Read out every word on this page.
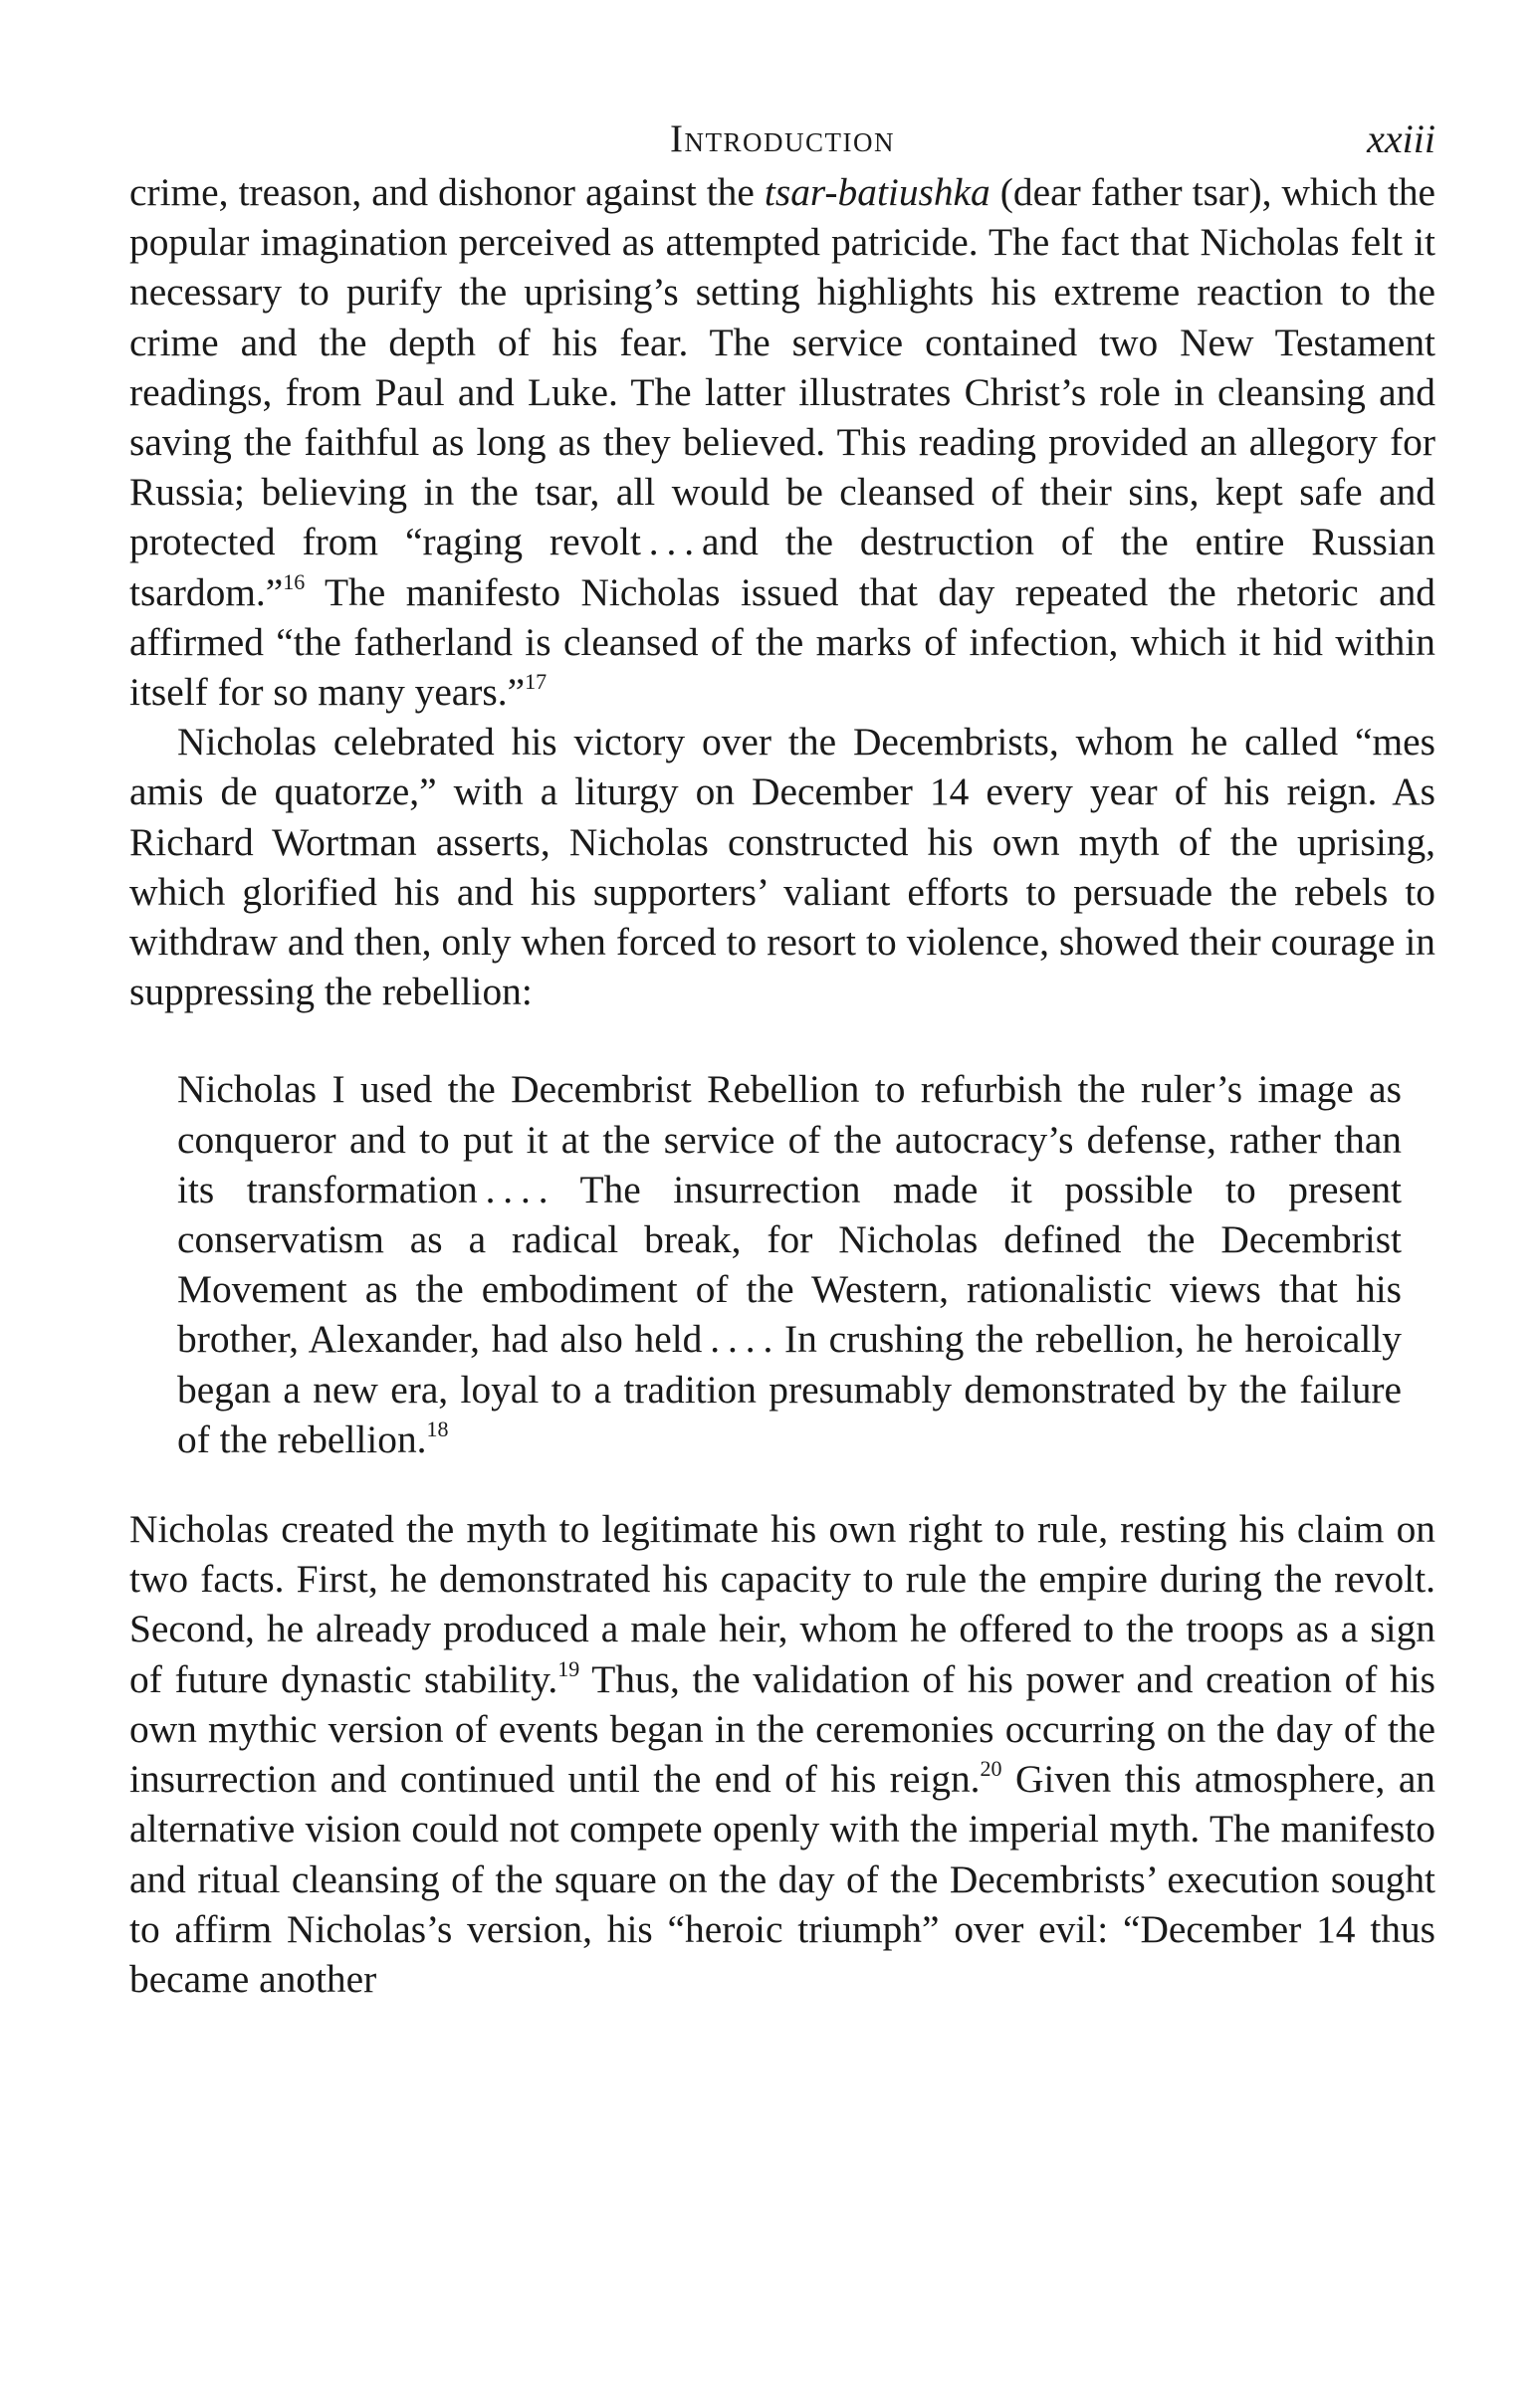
Introduction	xxiii

crime, treason, and dishonor against the tsar-batiushka (dear father tsar), which the popular imagination perceived as attempted patricide. The fact that Nicholas felt it necessary to purify the uprising’s setting highlights his extreme reaction to the crime and the depth of his fear. The service contained two New Testament readings, from Paul and Luke. The latter illustrates Christ’s role in cleansing and saving the faithful as long as they believed. This reading provided an allegory for Russia; believing in the tsar, all would be cleansed of their sins, kept safe and protected from “raging revolt . . . and the destruction of the entire Russian tsardom.”$^{16}$ The manifesto Nicholas issued that day repeated the rhetoric and affirmed “the fatherland is cleansed of the marks of infection, which it hid within itself for so many years.”$^{17}$

Nicholas celebrated his victory over the Decembrists, whom he called “mes amis de quatorze,” with a liturgy on December 14 every year of his reign. As Richard Wortman asserts, Nicholas constructed his own myth of the uprising, which glorified his and his supporters’ valiant efforts to persuade the rebels to withdraw and then, only when forced to resort to violence, showed their courage in suppressing the rebellion:

Nicholas I used the Decembrist Rebellion to refurbish the ruler’s image as conqueror and to put it at the service of the autocracy’s defense, rather than its transformation . . . . The insurrection made it possible to present conservatism as a radical break, for Nicholas defined the Decembrist Movement as the embodiment of the Western, rationalistic views that his brother, Alexander, had also held . . . . In crushing the rebellion, he heroically began a new era, loyal to a tradition presumably demonstrated by the failure of the rebellion.$^{18}$

Nicholas created the myth to legitimate his own right to rule, resting his claim on two facts. First, he demonstrated his capacity to rule the empire during the revolt. Second, he already produced a male heir, whom he offered to the troops as a sign of future dynastic stability.$^{19}$ Thus, the validation of his power and creation of his own mythic version of events began in the ceremonies occurring on the day of the insurrection and continued until the end of his reign.$^{20}$ Given this atmosphere, an alternative vision could not compete openly with the imperial myth. The manifesto and ritual cleansing of the square on the day of the Decembrists’ execution sought to affirm Nicholas’s version, his “heroic triumph” over evil: “December 14 thus became another
